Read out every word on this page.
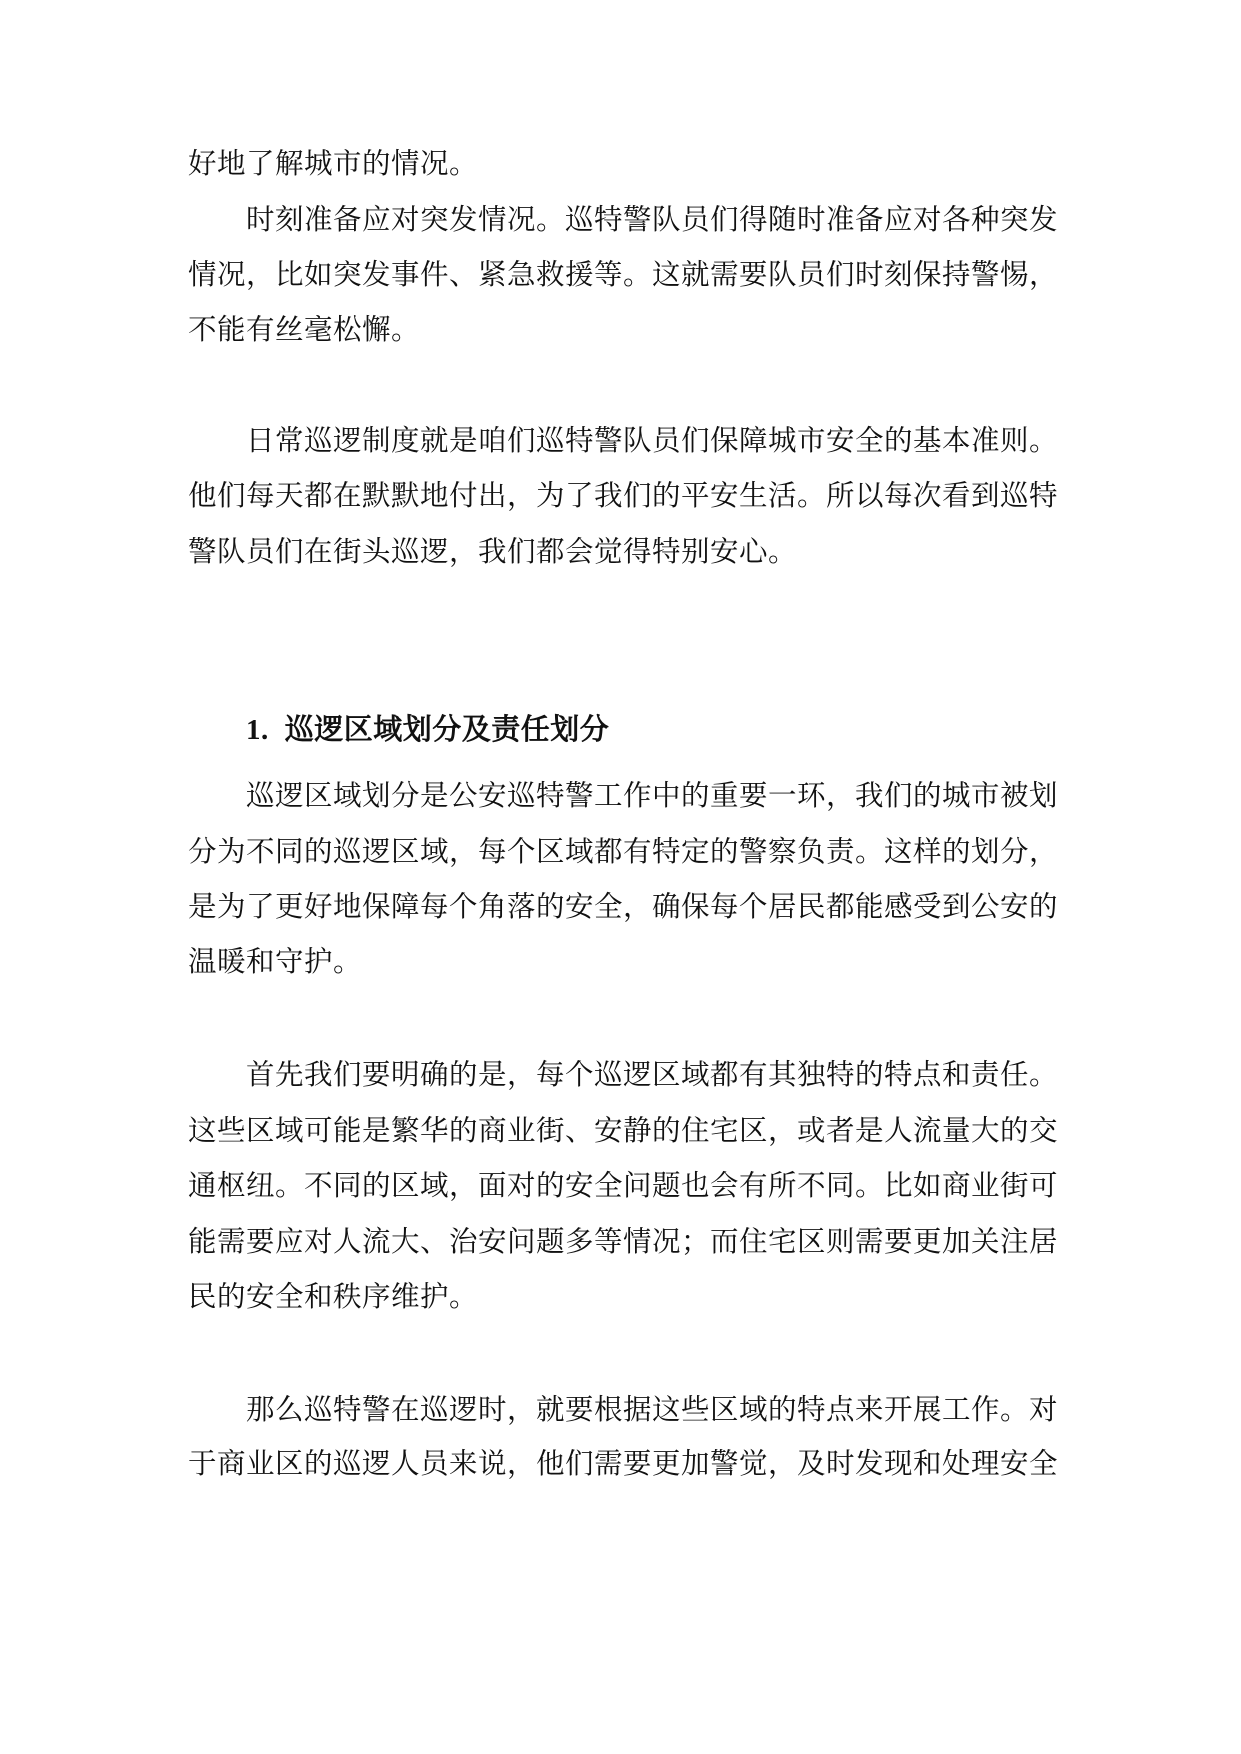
好地了解城市的情况。

时刻准备应对突发情况。巡特警队员们得随时准备应对各种突发

情况，比如突发事件、紧急救援等。这就需要队员们时刻保持警惕，

不能有丝毫松懈。

日常巡逻制度就是咱们巡特警队员们保障城市安全的基本准则。

他们每天都在默默地付出，为了我们的平安生活。所以每次看到巡特

警队员们在街头巡逻，我们都会觉得特别安心。

1. 巡逻区域划分及责任划分

巡逻区域划分是公安巡特警工作中的重要一环，我们的城市被划

分为不同的巡逻区域，每个区域都有特定的警察负责。这样的划分，

是为了更好地保障每个角落的安全，确保每个居民都能感受到公安的

温暖和守护。

首先我们要明确的是，每个巡逻区域都有其独特的特点和责任。

这些区域可能是繁华的商业街、安静的住宅区，或者是人流量大的交

通枢纽。不同的区域，面对的安全问题也会有所不同。比如商业街可

能需要应对人流大、治安问题多等情况；而住宅区则需要更加关注居

民的安全和秩序维护。

那么巡特警在巡逻时，就要根据这些区域的特点来开展工作。对

于商业区的巡逻人员来说，他们需要更加警觉，及时发现和处理安全
